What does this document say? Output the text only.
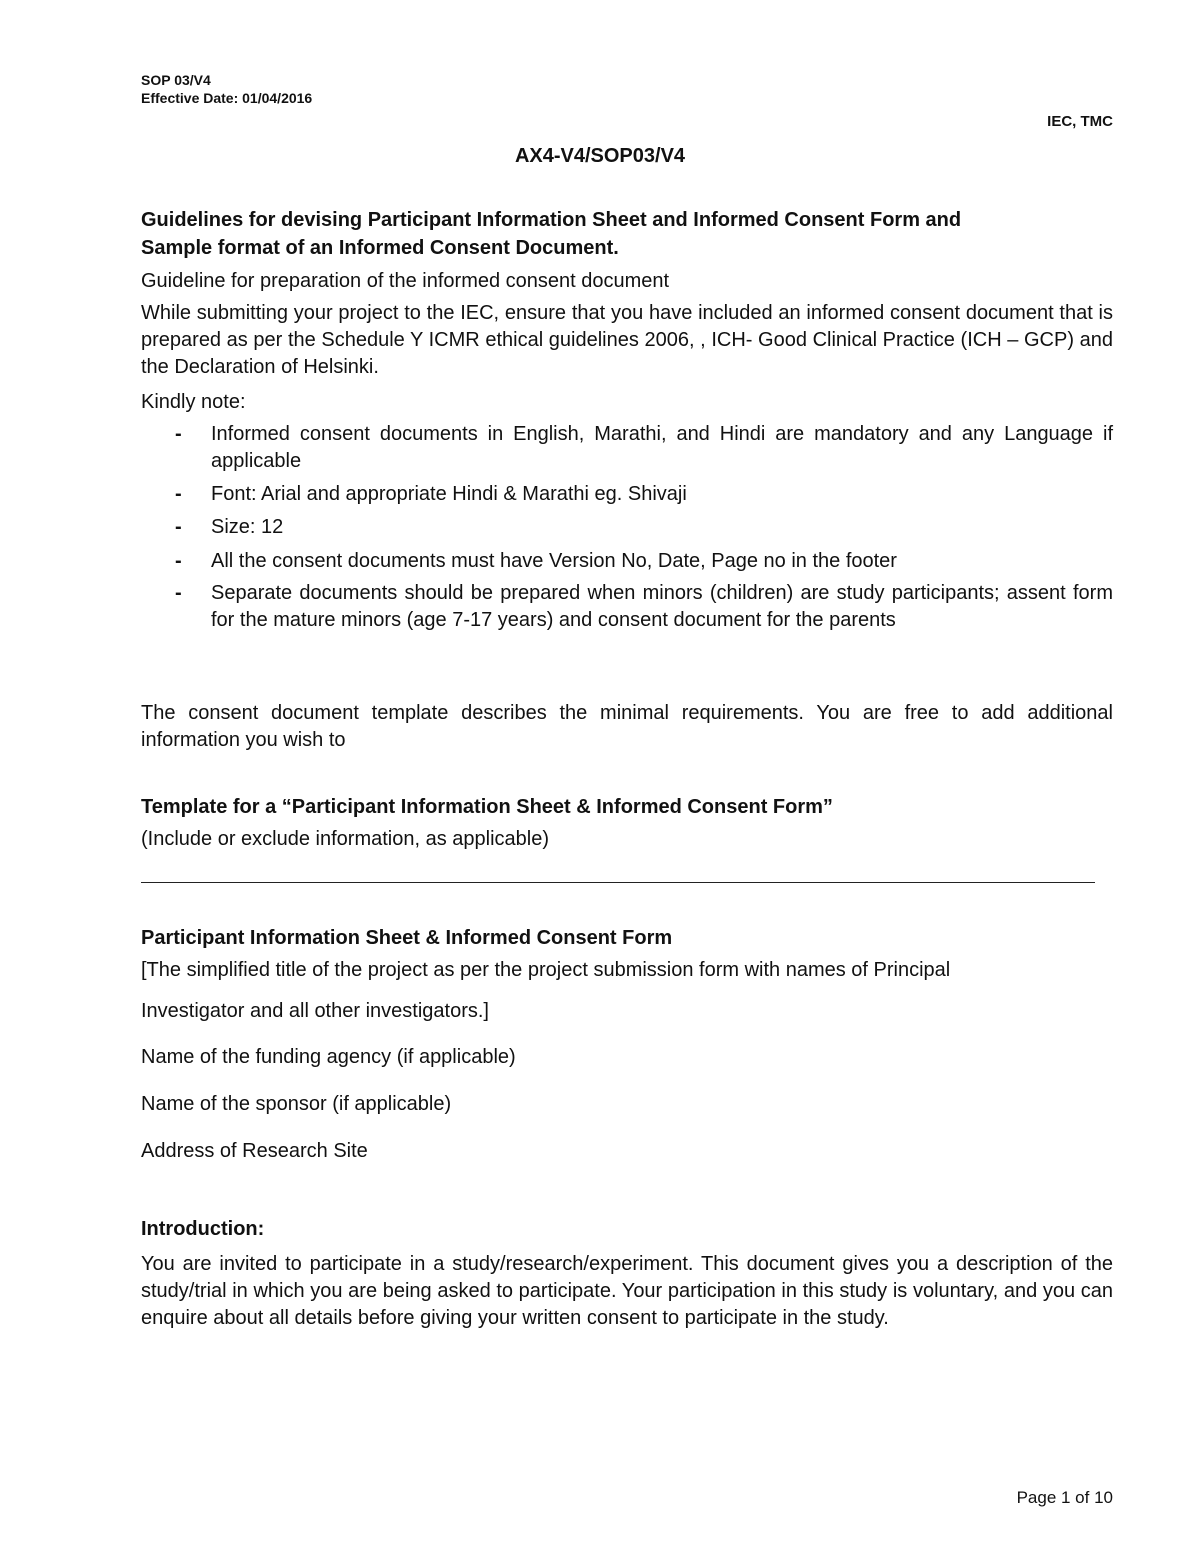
SOP 03/V4
Effective Date: 01/04/2016
IEC, TMC
AX4-V4/SOP03/V4
Guidelines for devising Participant Information Sheet and Informed Consent Form and
Sample format of an Informed Consent Document.
Guideline for preparation of the informed consent document
While submitting your project to the IEC, ensure that you have included an informed consent document that is prepared as per the Schedule Y ICMR ethical guidelines 2006, , ICH- Good Clinical Practice (ICH – GCP) and the Declaration of Helsinki.
Kindly note:
- Informed consent documents in English, Marathi, and Hindi are mandatory and any Language if applicable
- Font: Arial and appropriate Hindi & Marathi eg. Shivaji
- Size: 12
- All the consent documents must have Version No, Date, Page no in the footer
- Separate documents should be prepared when minors (children) are study participants; assent form for the mature minors (age 7-17 years) and consent document for the parents
The consent document template describes the minimal requirements. You are free to add additional information you wish to
Template for a “Participant Information Sheet & Informed Consent Form”
(Include or exclude information, as applicable)
Participant Information Sheet & Informed Consent Form
[The simplified title of the project as per the project submission form with names of Principal
Investigator and all other investigators.]
Name of the funding agency (if applicable)
Name of the sponsor (if applicable)
Address of Research Site
Introduction:
You are invited to participate in a study/research/experiment. This document gives you a description of the study/trial in which you are being asked to participate. Your participation in this study is voluntary, and you can enquire about all details before giving your written consent to participate in the study.
Page 1 of 10
